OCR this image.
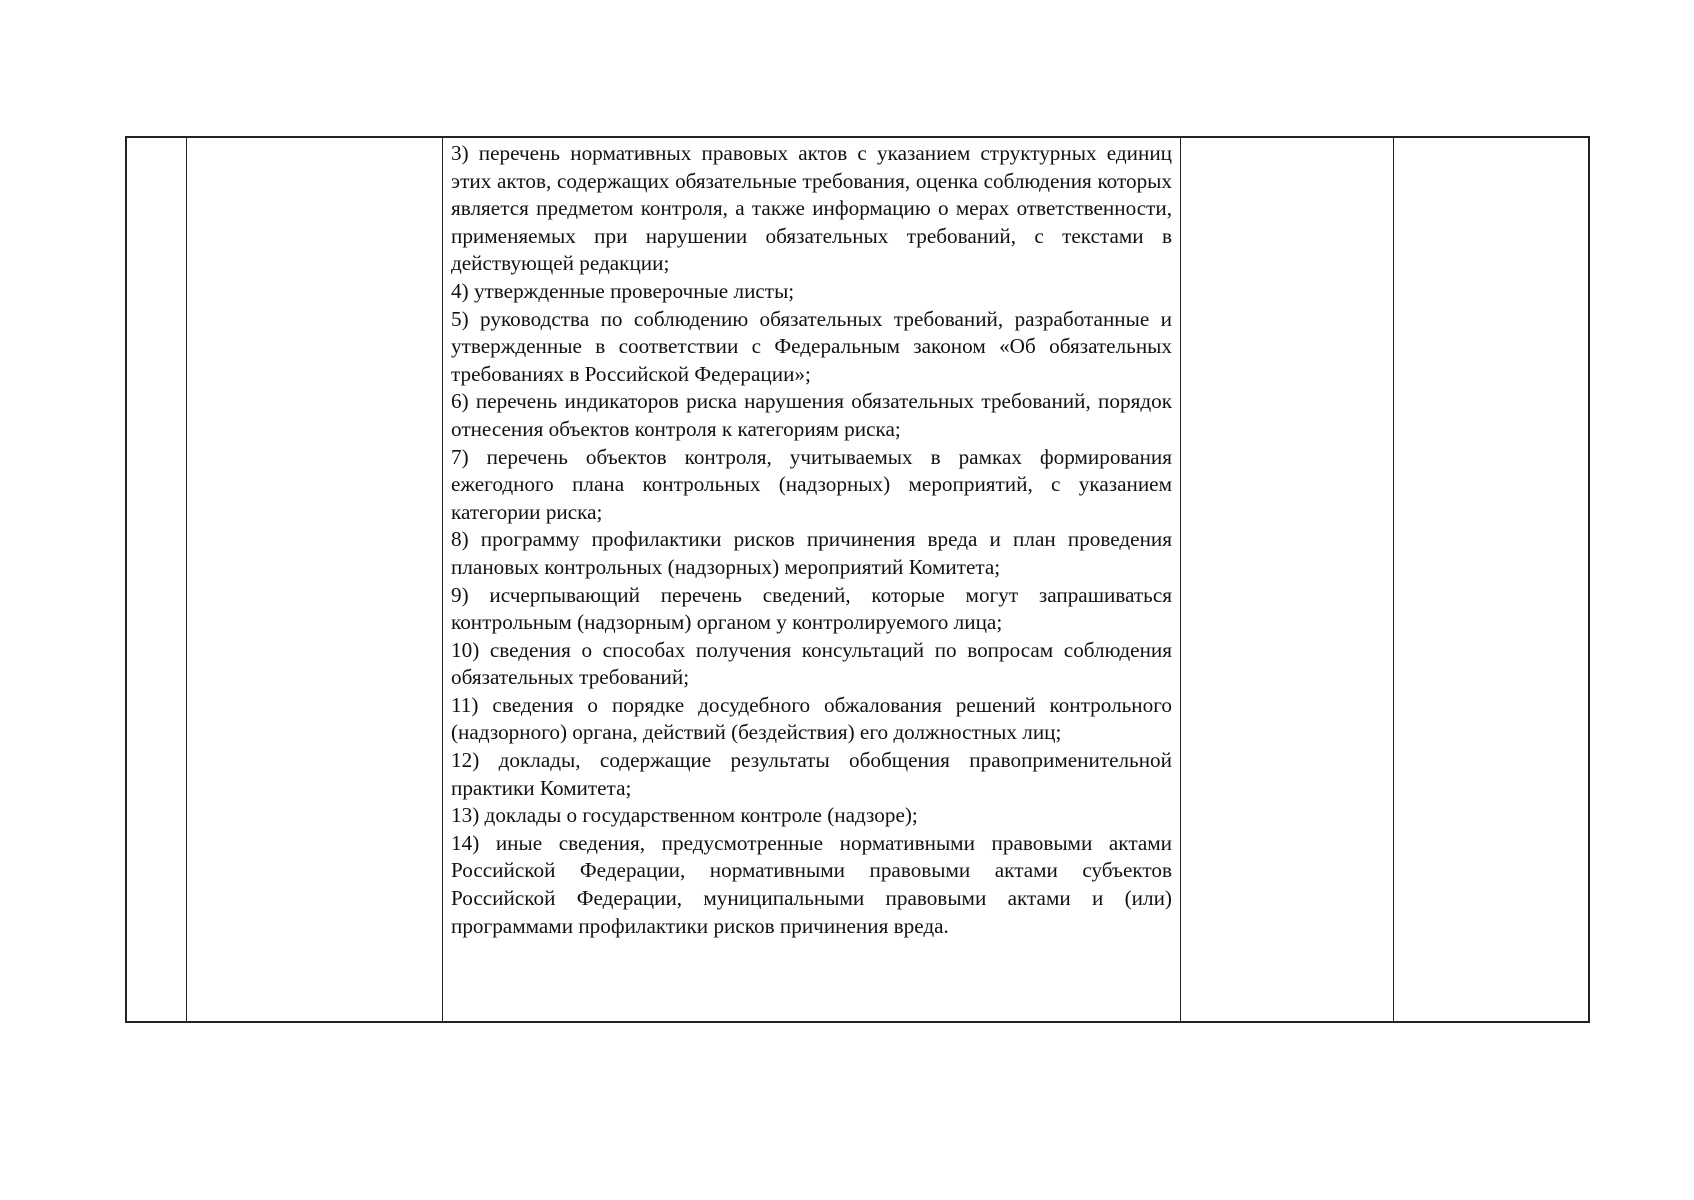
3) перечень нормативных правовых актов с указанием структурных единиц этих актов, содержащих обязательные требования, оценка соблюдения которых является предметом контроля, а также информацию о мерах ответственности, применяемых при нарушении обязательных требований, с текстами в действующей редакции;

4) утвержденные проверочные листы;

5) руководства по соблюдению обязательных требований, разработанные и утвержденные в соответствии с Федеральным законом «Об обязательных требованиях в Российской Федерации»;

6) перечень индикаторов риска нарушения обязательных требований, порядок отнесения объектов контроля к категориям риска;

7) перечень объектов контроля, учитываемых в рамках формирования ежегодного плана контрольных (надзорных) мероприятий, с указанием категории риска;

8) программу профилактики рисков причинения вреда и план проведения плановых контрольных (надзорных) мероприятий Комитета;

9) исчерпывающий перечень сведений, которые могут запрашиваться контрольным (надзорным) органом у контролируемого лица;

10) сведения о способах получения консультаций по вопросам соблюдения обязательных требований;

11) сведения о порядке досудебного обжалования решений контрольного (надзорного) органа, действий (бездействия) его должностных лиц;

12) доклады, содержащие результаты обобщения правоприменительной практики Комитета;

13) доклады о государственном контроле (надзоре);

14) иные сведения, предусмотренные нормативными правовыми актами Российской Федерации, нормативными правовыми актами субъектов Российской Федерации, муниципальными правовыми актами и (или) программами профилактики рисков причинения вреда.
